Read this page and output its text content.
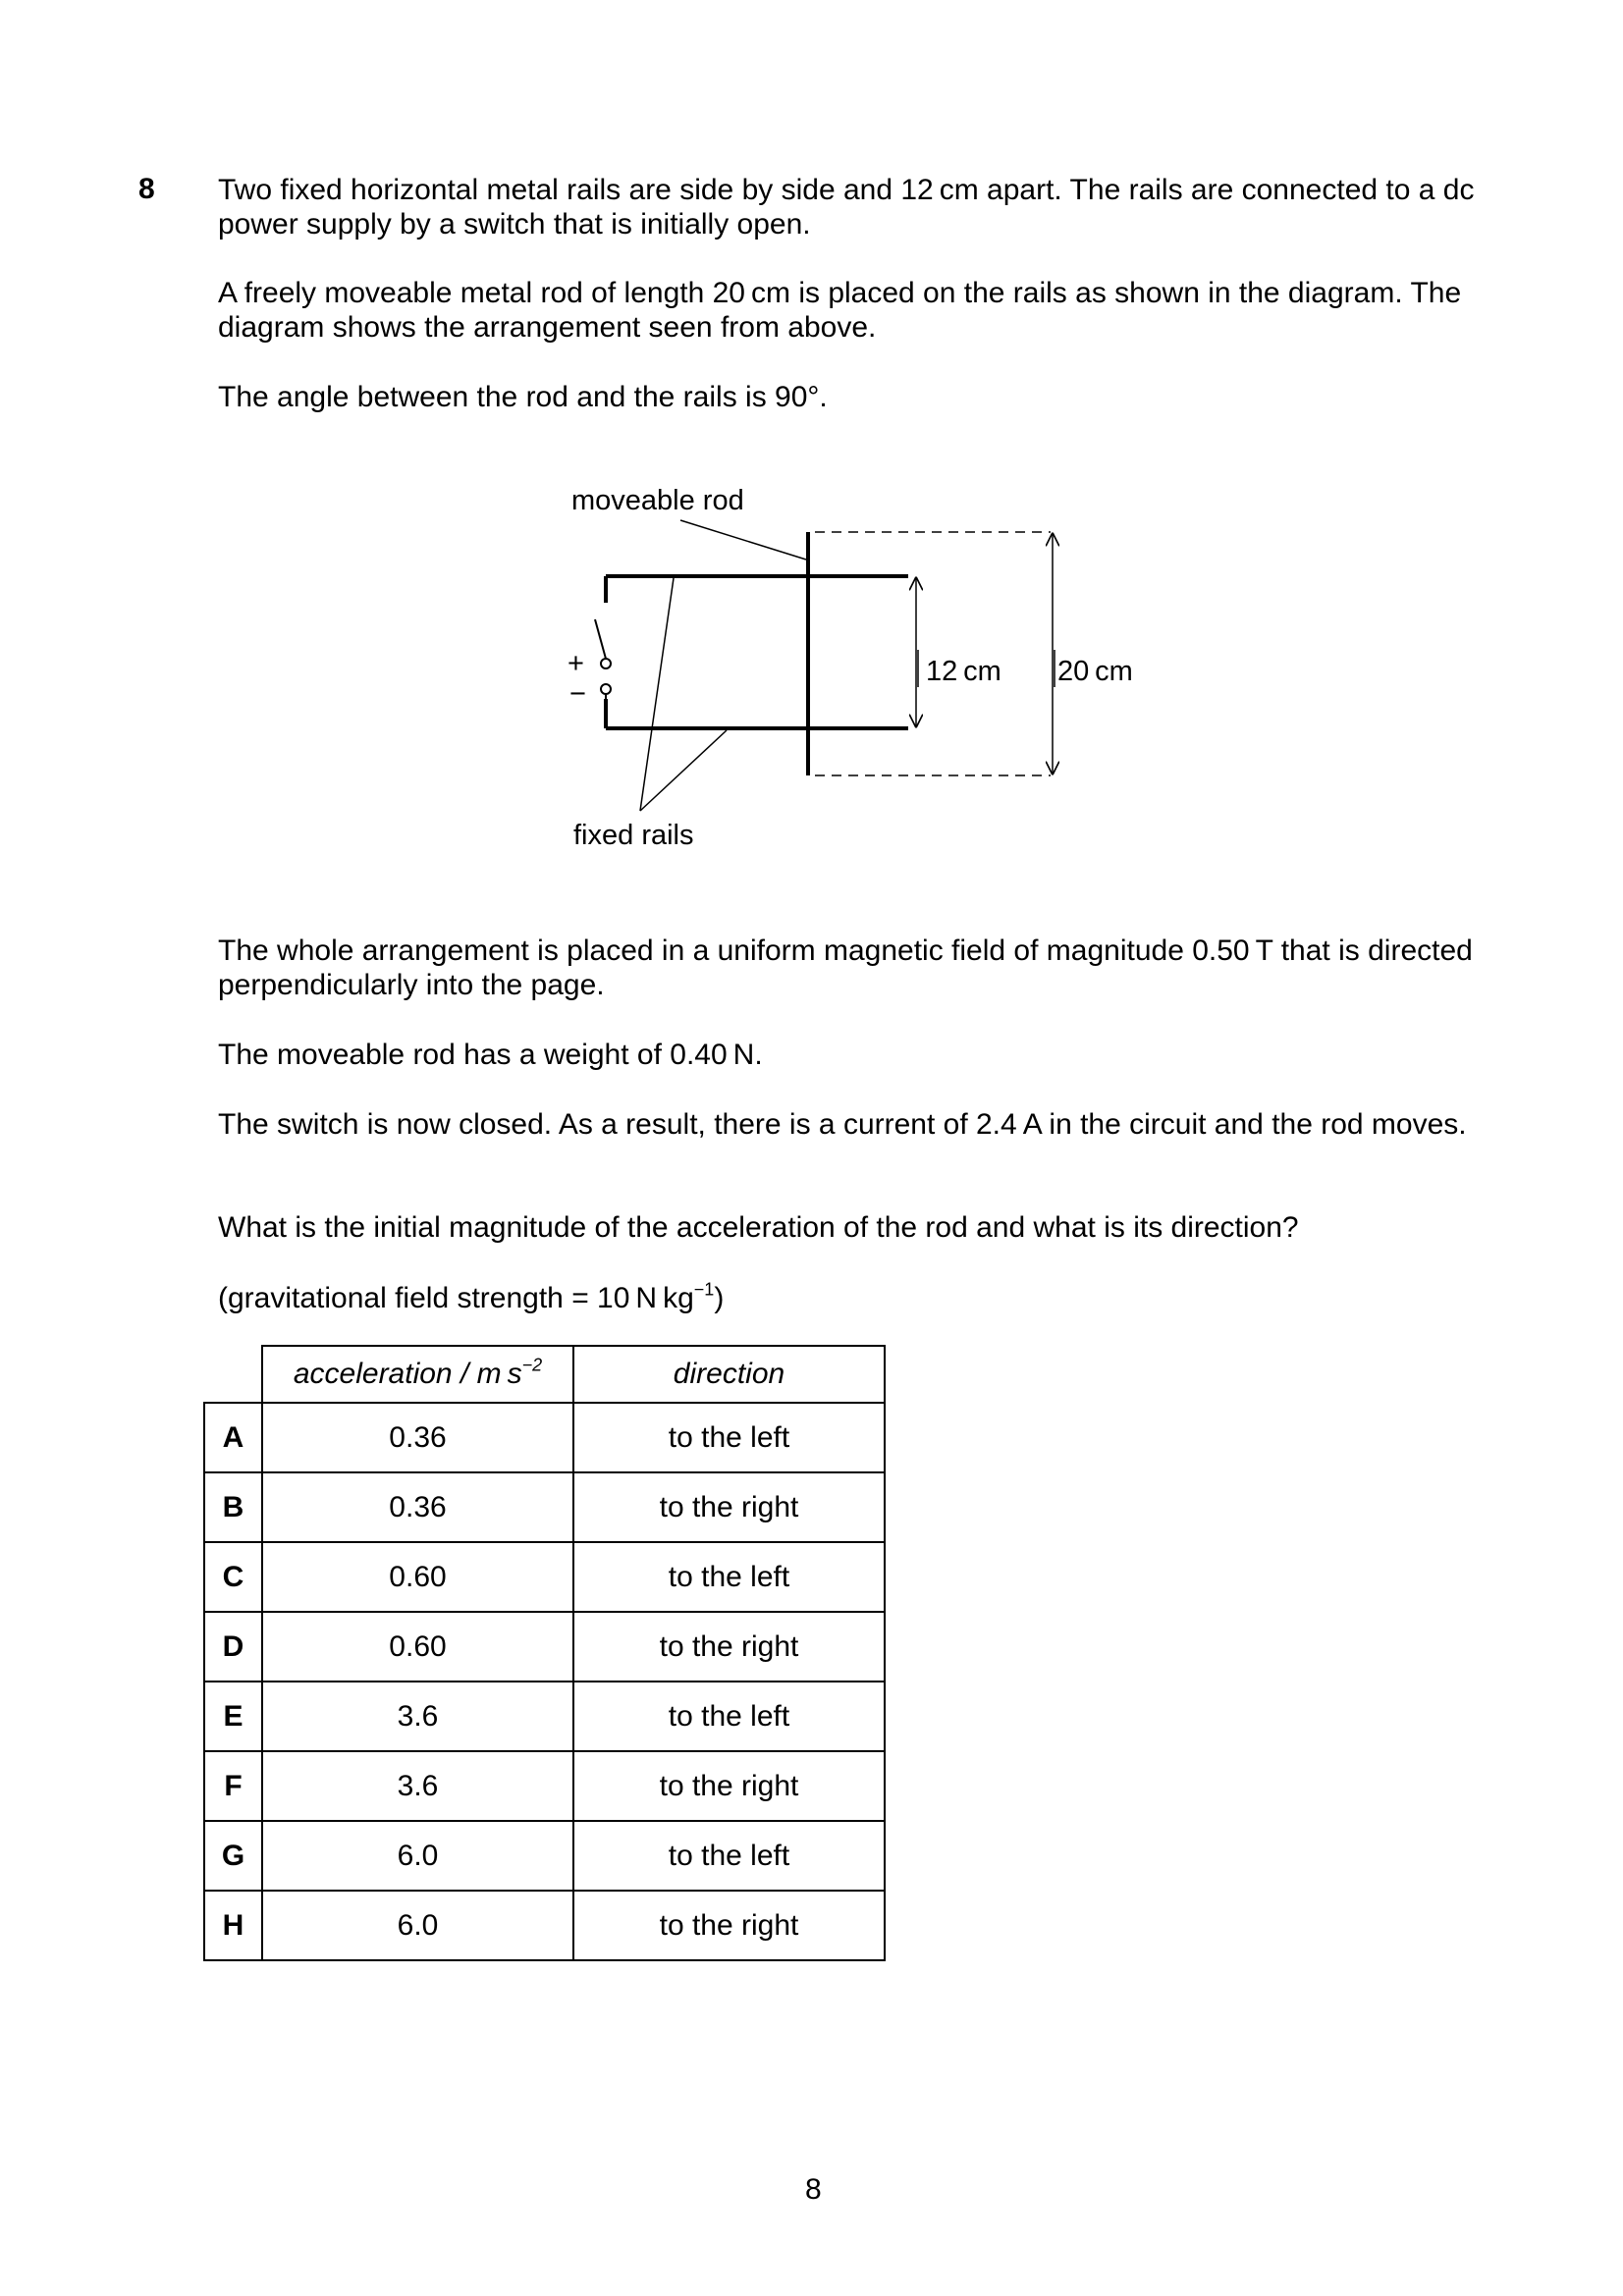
8 Two fixed horizontal metal rails are side by side and 12 cm apart. The rails are connected to a dc power supply by a switch that is initially open.

A freely moveable metal rod of length 20 cm is placed on the rails as shown in the diagram. The diagram shows the arrangement seen from above.

The angle between the rod and the rails is 90°.

+
−
12 cm 20 cm
moveable rod
fixed rails

The whole arrangement is placed in a uniform magnetic field of magnitude 0.50 T that is directed perpendicularly into the page.

The moveable rod has a weight of 0.40 N.

The switch is now closed. As a result, there is a current of 2.4 A in the circuit and the rod moves.

What is the initial magnitude of the acceleration of the rod and what is its direction?

(gravitational field strength = 10 N $kg^{-1}$)

	acceleration / m $s^{-2}$	direction
A	0.36	to the left
B	0.36	to the right
C	0.60	to the left
D	0.60	to the right
E	3.6	to the left
F	3.6	to the right
G	6.0	to the left
H	6.0	to the right
8
